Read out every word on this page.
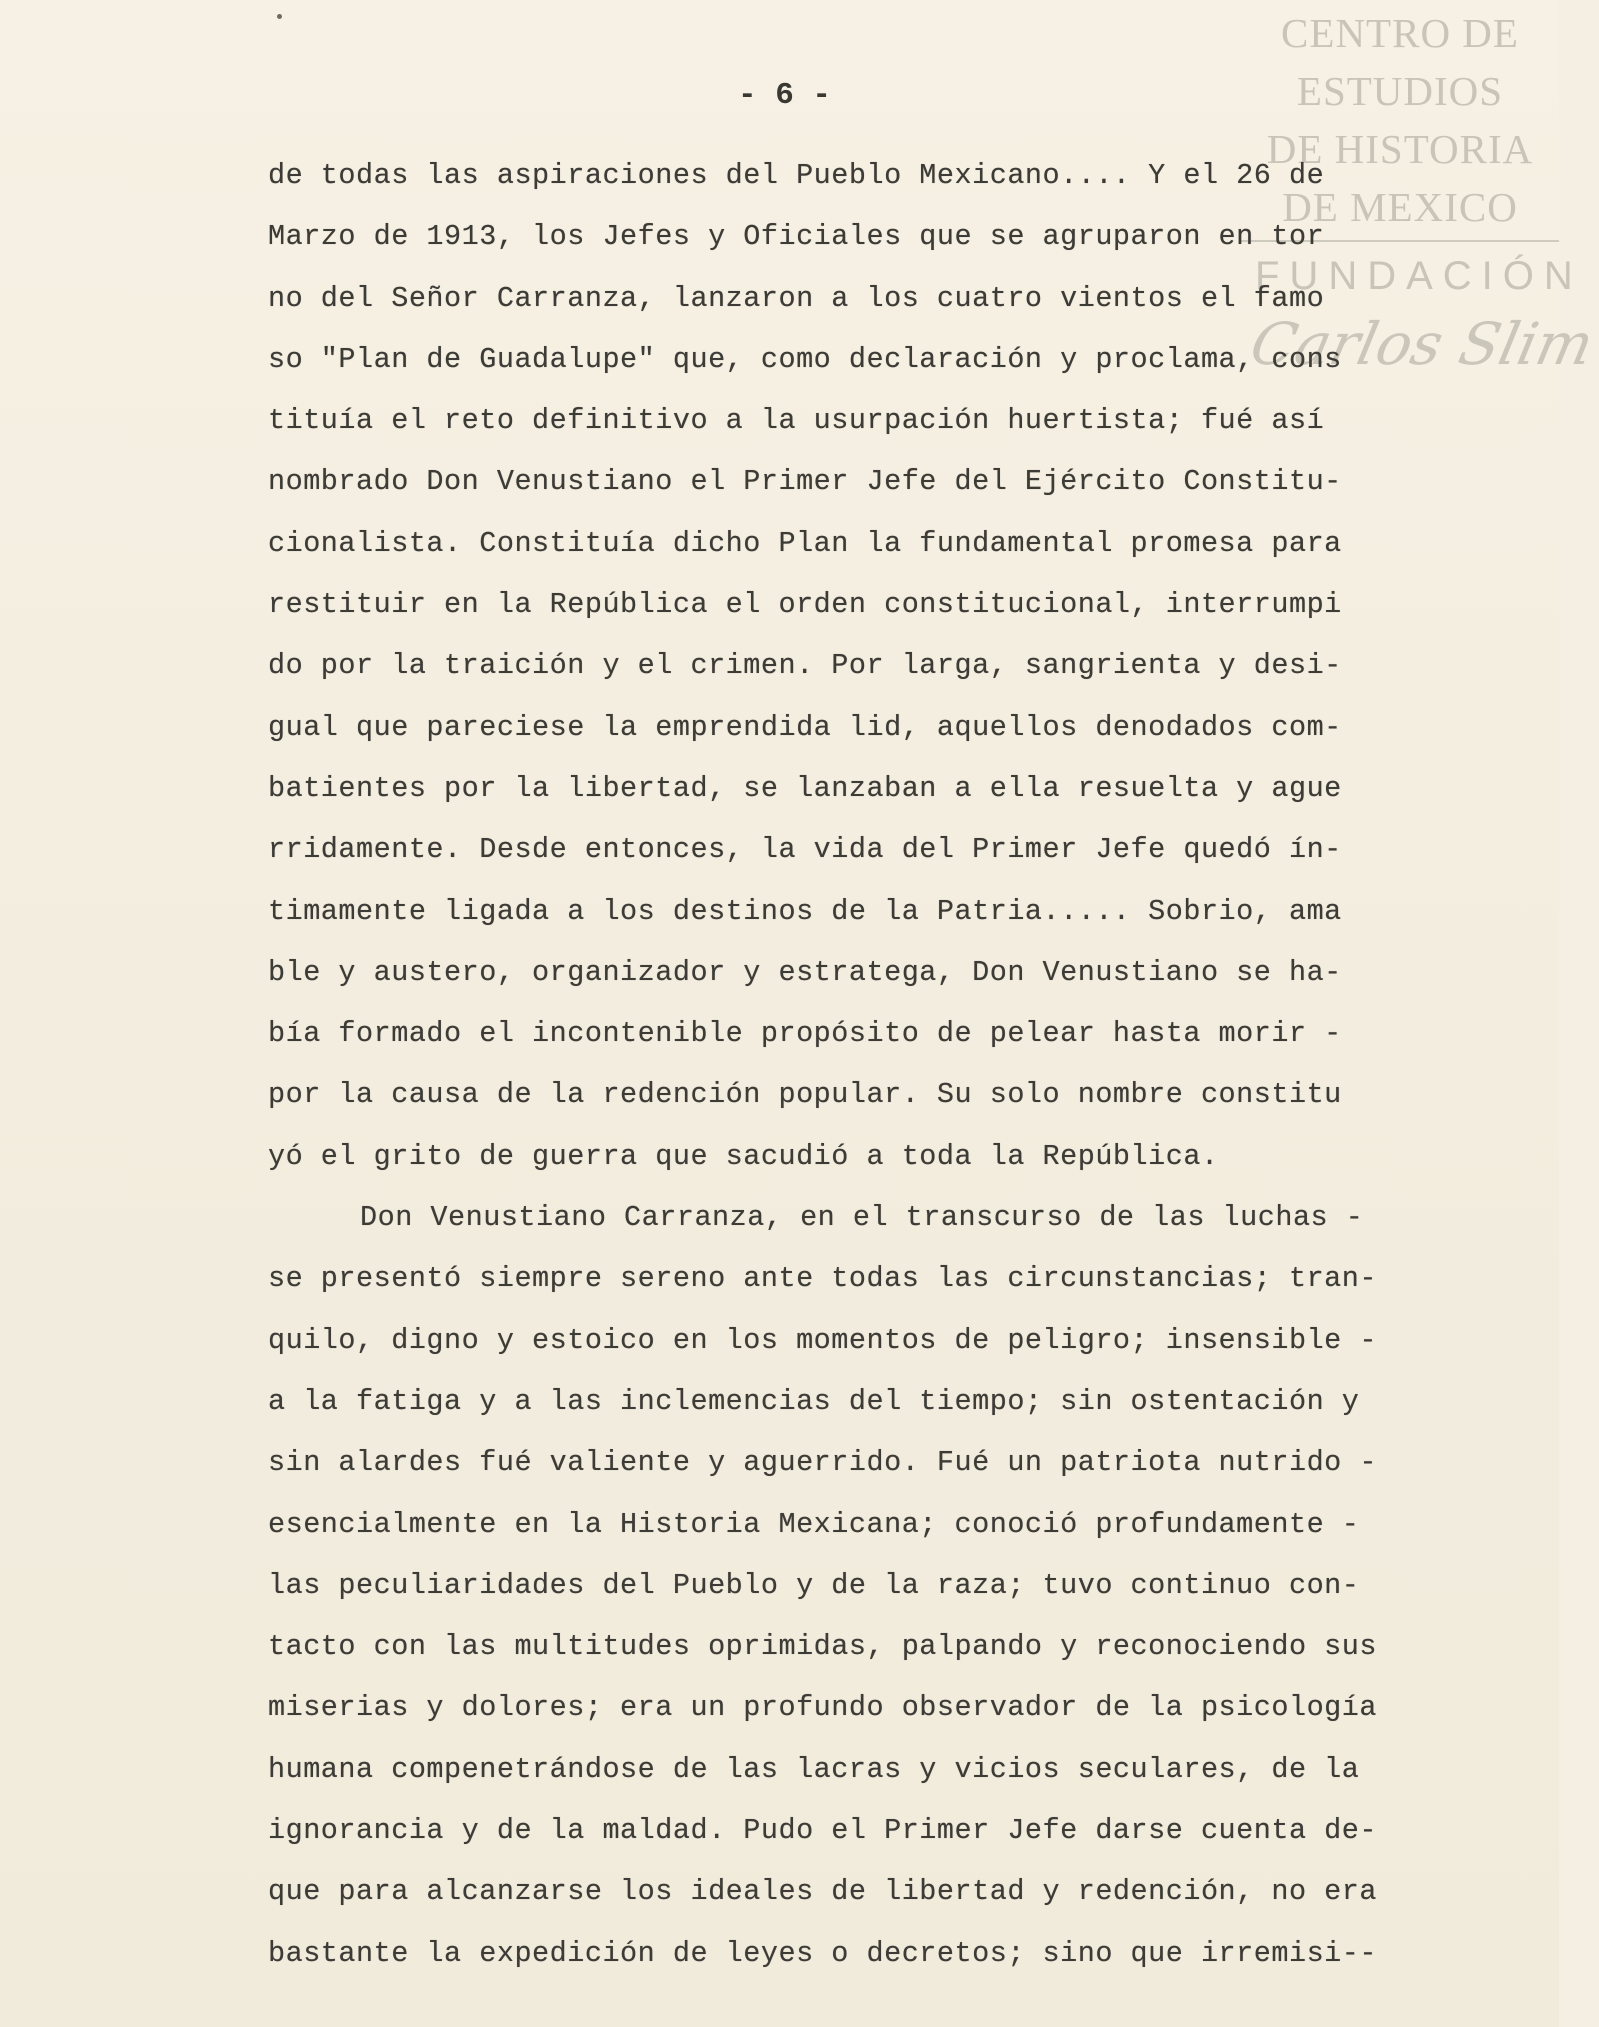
CENTRO DE
ESTUDIOS
DE HISTORIA
DE MEXICO
FUNDACIÓN
Carlos Slim
- 6 -
de todas las aspiraciones del Pueblo Mexicano.... Y el 26 de
Marzo de 1913, los Jefes y Oficiales que se agruparon en tor
no del Señor Carranza, lanzaron a los cuatro vientos el famo
so "Plan de Guadalupe" que, como declaración y proclama, cons
tituía el reto definitivo a la usurpación huertista; fué así
nombrado Don Venustiano el Primer Jefe del Ejército Constitu-
cionalista. Constituía dicho Plan la fundamental promesa para
restituir en la República el orden constitucional, interrumpi
do por la traición y el crimen. Por larga, sangrienta y desi-
gual que pareciese la emprendida lid, aquellos denodados com-
batientes por la libertad, se lanzaban a ella resuelta y ague
rridamente. Desde entonces, la vida del Primer Jefe quedó ín-
timamente ligada a los destinos de la Patria..... Sobrio, ama
ble y austero, organizador y estratega, Don Venustiano se ha-
bía formado el incontenible propósito de pelear hasta morir -
por la causa de la redención popular. Su solo nombre constitu
yó el grito de guerra que sacudió a toda la República.
Don Venustiano Carranza, en el transcurso de las luchas -
se presentó siempre sereno ante todas las circunstancias; tran-
quilo, digno y estoico en los momentos de peligro; insensible -
a la fatiga y a las inclemencias del tiempo; sin ostentación y
sin alardes fué valiente y aguerrido. Fué un patriota nutrido -
esencialmente en la Historia Mexicana; conoció profundamente -
las peculiaridades del Pueblo y de la raza; tuvo continuo con-
tacto con las multitudes oprimidas, palpando y reconociendo sus
miserias y dolores; era un profundo observador de la psicología
humana compenetrándose de las lacras y vicios seculares, de la
ignorancia y de la maldad. Pudo el Primer Jefe darse cuenta de-
que para alcanzarse los ideales de libertad y redención, no era
bastante la expedición de leyes o decretos; sino que irremisi--
